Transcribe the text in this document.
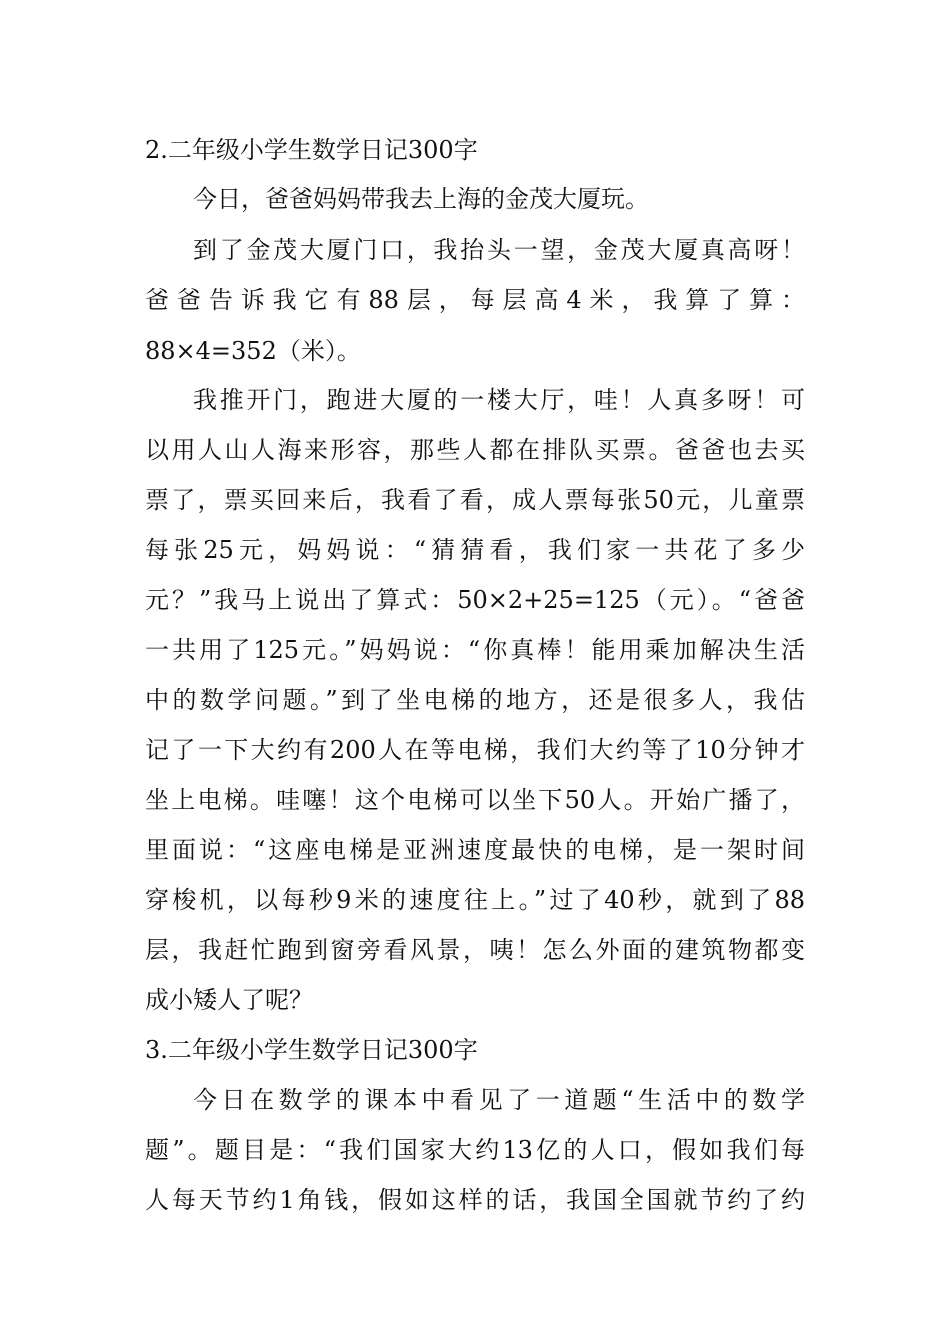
2.二年级小学生数学日记300字
今日，爸爸妈妈带我去上海的金茂大厦玩。
到了金茂大厦门口，我抬头一望，金茂大厦真高呀！
爸爸告诉我它有88层，每层高4米，我算了算：
88×4=352（米）。
我推开门，跑进大厦的一楼大厅，哇！人真多呀！可
以用人山人海来形容，那些人都在排队买票。爸爸也去买
票了，票买回来后，我看了看，成人票每张50元，儿童票
每张25元，妈妈说：“猜猜看，我们家一共花了多少
元？”我马上说出了算式：50×2+25=125（元）。“爸爸
一共用了125元。”妈妈说：“你真棒！能用乘加解决生活
中的数学问题。”到了坐电梯的地方，还是很多人，我估
记了一下大约有200人在等电梯，我们大约等了10分钟才
坐上电梯。哇噻！这个电梯可以坐下50人。开始广播了，
里面说：“这座电梯是亚洲速度最快的电梯，是一架时间
穿梭机，以每秒9米的速度往上。”过了40秒，就到了88
层，我赶忙跑到窗旁看风景，咦！怎么外面的建筑物都变
成小矮人了呢？
3.二年级小学生数学日记300字
今日在数学的课本中看见了一道题“生活中的数学
题”。题目是：“我们国家大约13亿的人口，假如我们每
人每天节约1角钱，假如这样的话，我国全国就节约了约
